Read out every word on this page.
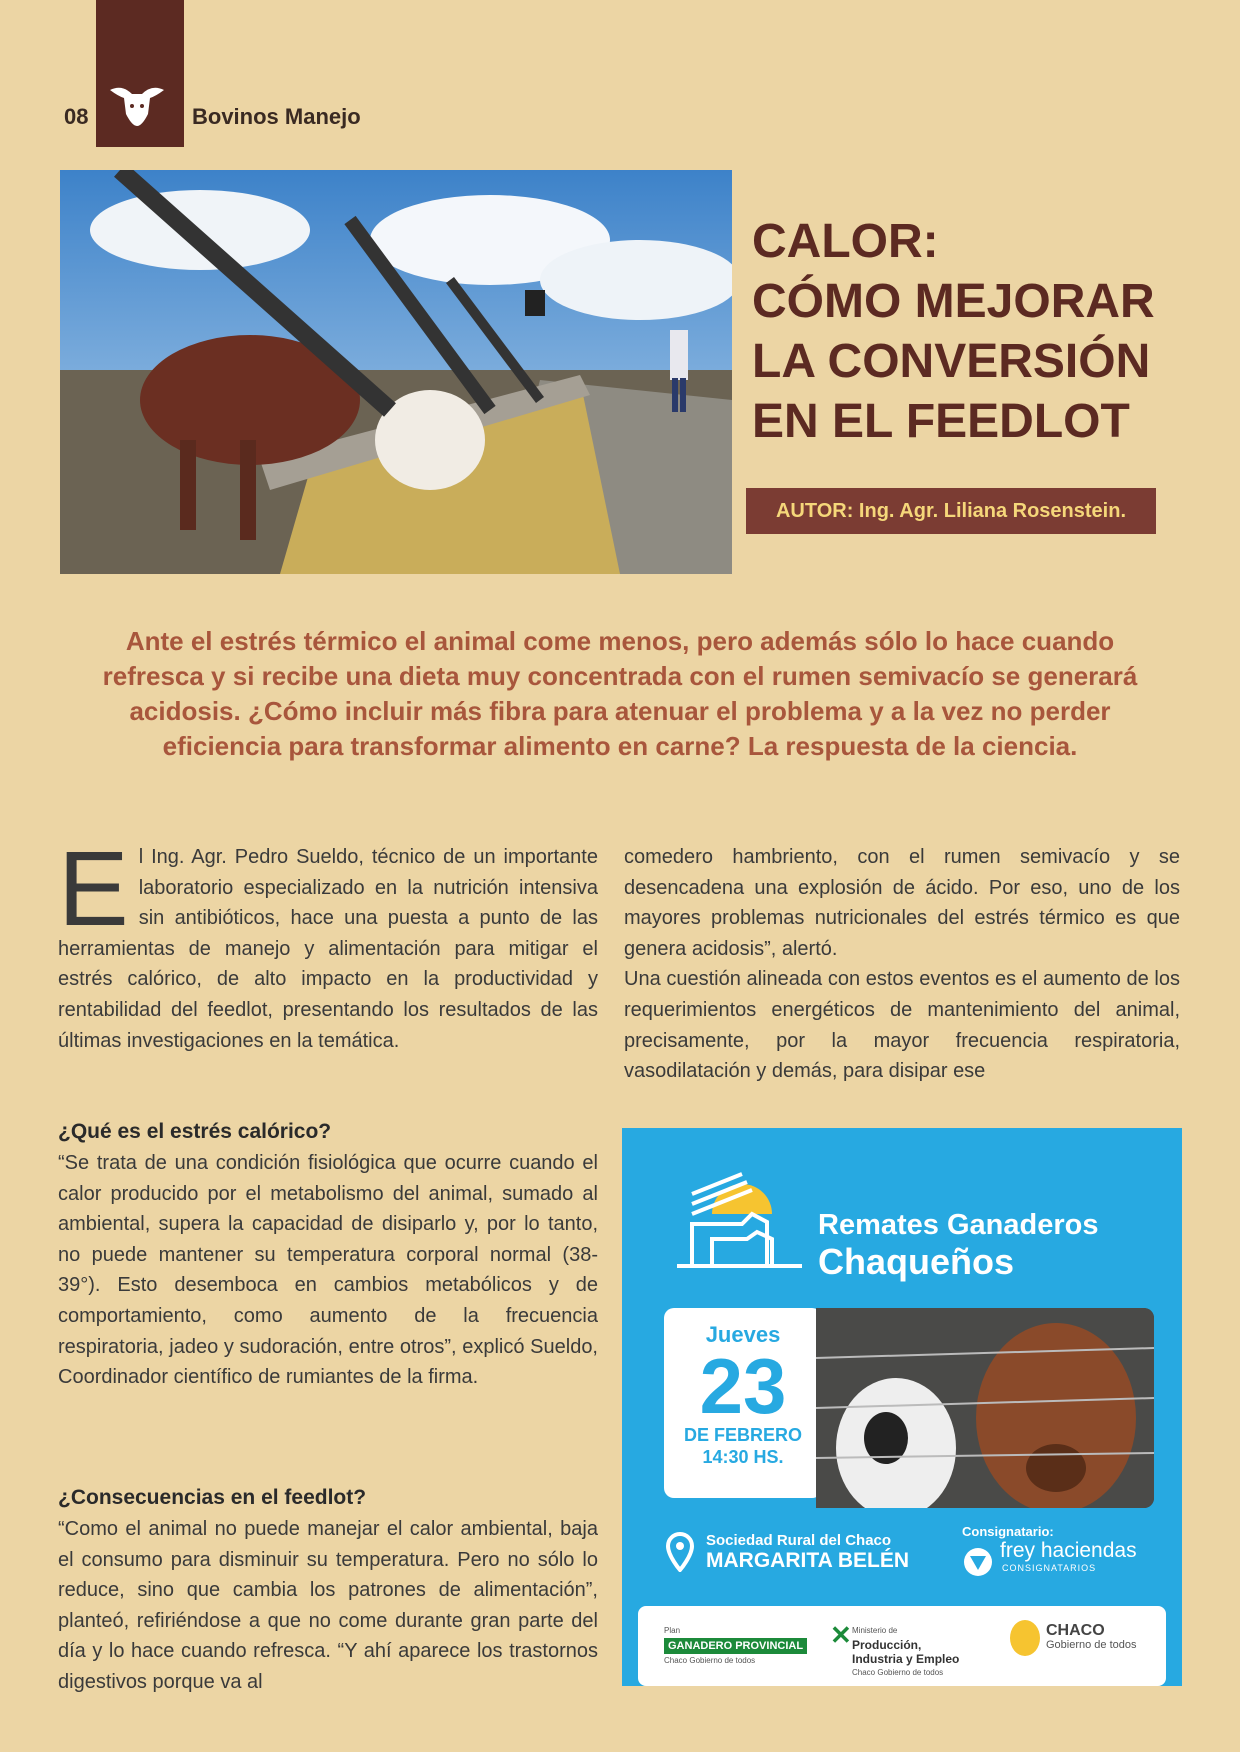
08	Bovinos Manejo
CALOR:
CÓMO MEJORAR
LA CONVERSIÓN
EN EL FEEDLOT
AUTOR: Ing. Agr. Liliana Rosenstein.
Ante el estrés térmico el animal come menos, pero además sólo lo hace cuando refresca y si recibe una dieta muy concentrada con el rumen semivacío se generará acidosis. ¿Cómo incluir más fibra para atenuar el problema y a la vez no perder eficiencia para transformar alimento en carne? La respuesta de la ciencia.
E l Ing. Agr. Pedro Sueldo, técnico de un importante laboratorio especializado en la nutrición intensiva sin antibióticos, hace una puesta a punto de las herramientas de manejo y alimentación para mitigar el estrés calórico, de alto impacto en la productividad y rentabilidad del feedlot, presentando los resultados de las últimas investigaciones en la temática.

¿Qué es el estrés calórico?

“Se trata de una condición fisiológica que ocurre cuando el calor producido por el metabolismo del animal, sumado al ambiental, supera la capacidad de disiparlo y, por lo tanto, no puede mantener su temperatura corporal normal (38-39°). Esto desemboca en cambios metabólicos y de comportamiento, como aumento de la frecuencia respiratoria, jadeo y sudoración, entre otros”, explicó Sueldo, Coordinador científico de rumiantes de la firma.

¿Consecuencias en el feedlot?

“Como el animal no puede manejar el calor ambiental, baja el consumo para disminuir su temperatura. Pero no sólo lo reduce, sino que cambia los patrones de alimentación”, planteó, refiriéndose a que no come durante gran parte del día y lo hace cuando refresca. “Y ahí aparece los trastornos digestivos porque va al

comedero hambriento, con el rumen semivacío y se desencadena una explosión de ácido. Por eso, uno de los mayores problemas nutricionales del estrés térmico es que genera acidosis”, alertó.

Una cuestión alineada con estos eventos es el aumento de los requerimientos energéticos de mantenimiento del animal, precisamente, por la mayor frecuencia respiratoria, vasodilatación y demás, para disipar ese

Remates Ganaderos
Chaqueños
Jueves
23
DE FEBRERO
14:30 HS.
Sociedad Rural del Chaco
MARGARITA BELÉN
Consignatario:
frey haciendas
CONSIGNATARIOS
Plan
GANADERO PROVINCIAL
Chaco Gobierno de todos
✕ Ministerio de
Producción, Industria y Empleo
Chaco Gobierno de todos
CHACO
Gobierno de todos
